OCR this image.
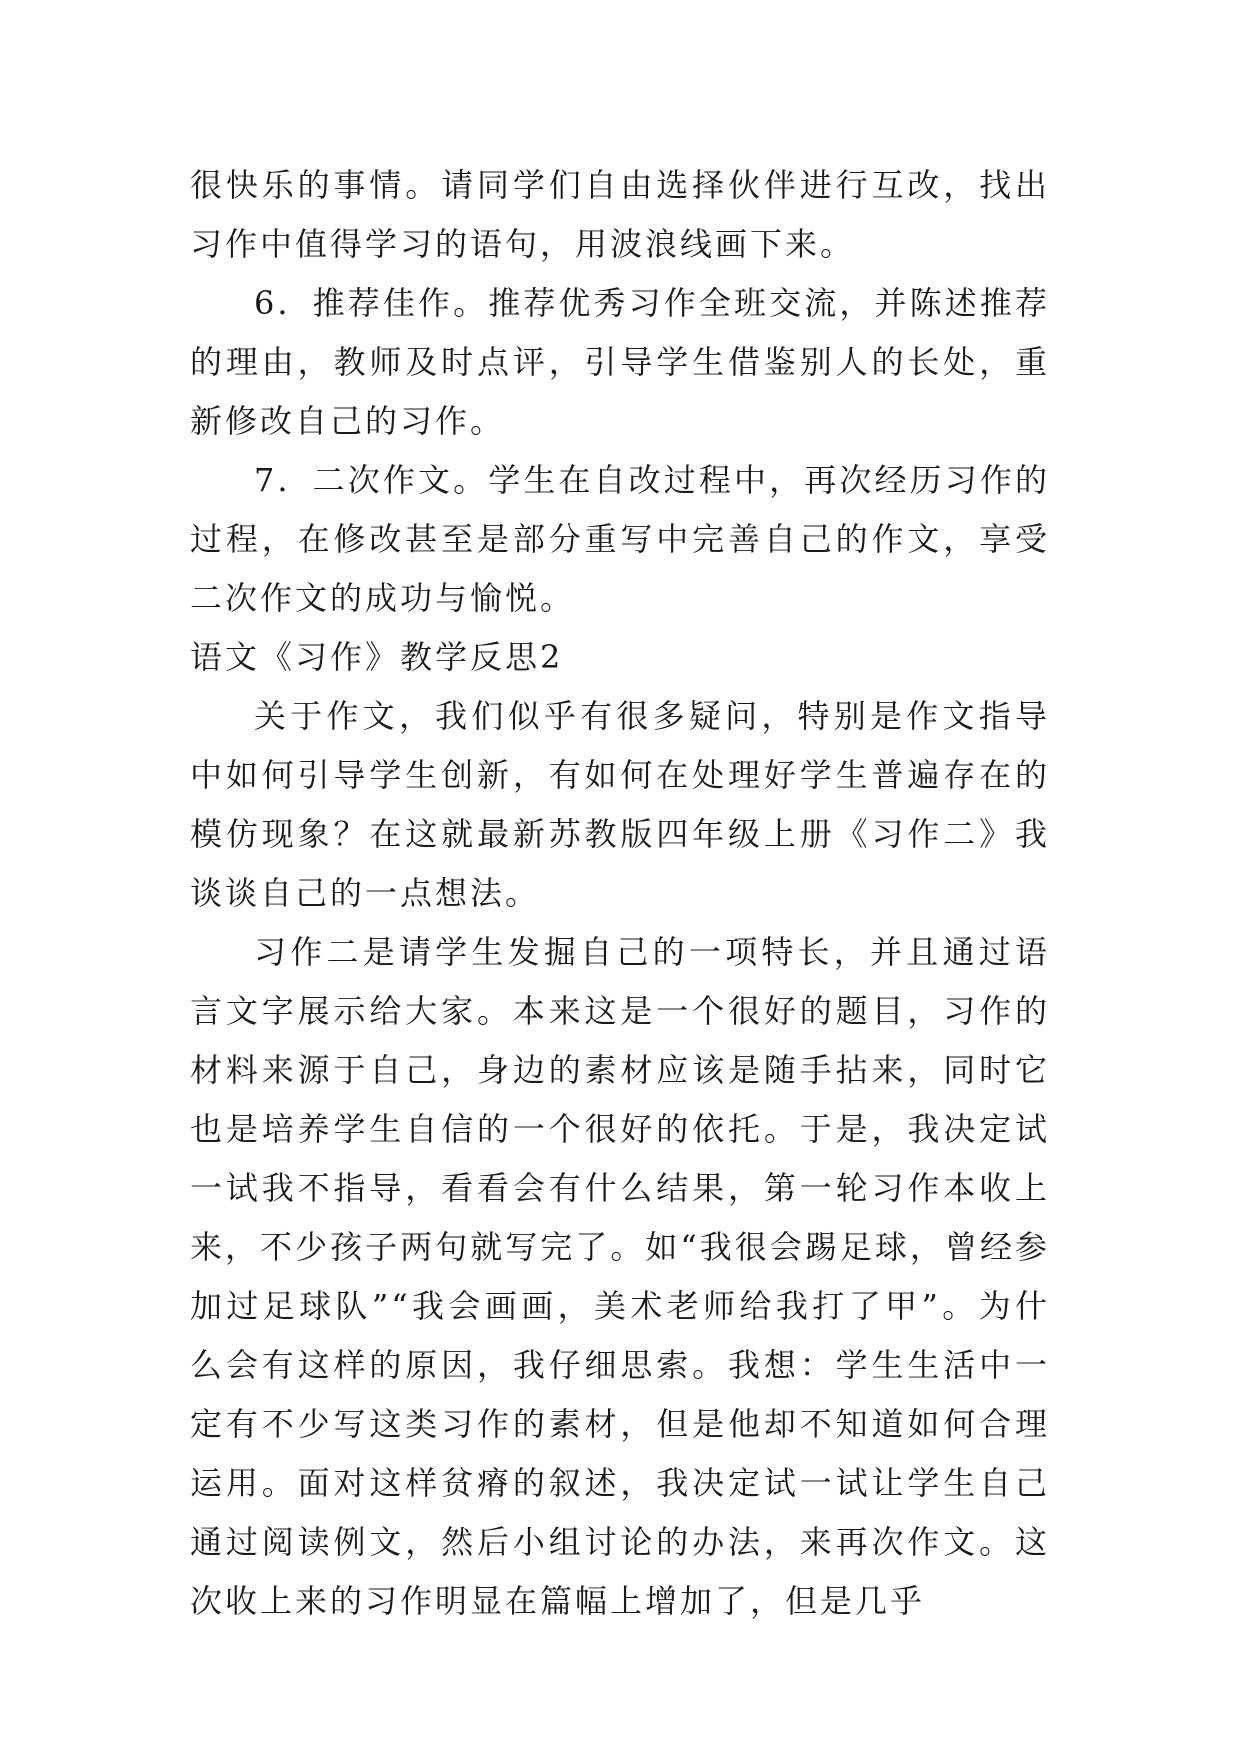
很快乐的事情。请同学们自由选择伙伴进行互改，找出习作中值得学习的语句，用波浪线画下来。

6．推荐佳作。推荐优秀习作全班交流，并陈述推荐的理由，教师及时点评，引导学生借鉴别人的长处，重新修改自己的习作。

7．二次作文。学生在自改过程中，再次经历习作的过程，在修改甚至是部分重写中完善自己的作文，享受二次作文的成功与愉悦。

语文《习作》教学反思2

关于作文，我们似乎有很多疑问，特别是作文指导中如何引导学生创新，有如何在处理好学生普遍存在的模仿现象？在这就最新苏教版四年级上册《习作二》我谈谈自己的一点想法。

习作二是请学生发掘自己的一项特长，并且通过语言文字展示给大家。本来这是一个很好的题目，习作的材料来源于自己，身边的素材应该是随手拈来，同时它也是培养学生自信的一个很好的依托。于是，我决定试一试我不指导，看看会有什么结果，第一轮习作本收上来，不少孩子两句就写完了。如“我很会踢足球，曾经参加过足球队”“我会画画，美术老师给我打了甲”。为什么会有这样的原因，我仔细思索。我想：学生生活中一定有不少写这类习作的素材，但是他却不知道如何合理运用。面对这样贫瘠的叙述，我决定试一试让学生自己通过阅读例文，然后小组讨论的办法，来再次作文。这次收上来的习作明显在篇幅上增加了，但是几乎
